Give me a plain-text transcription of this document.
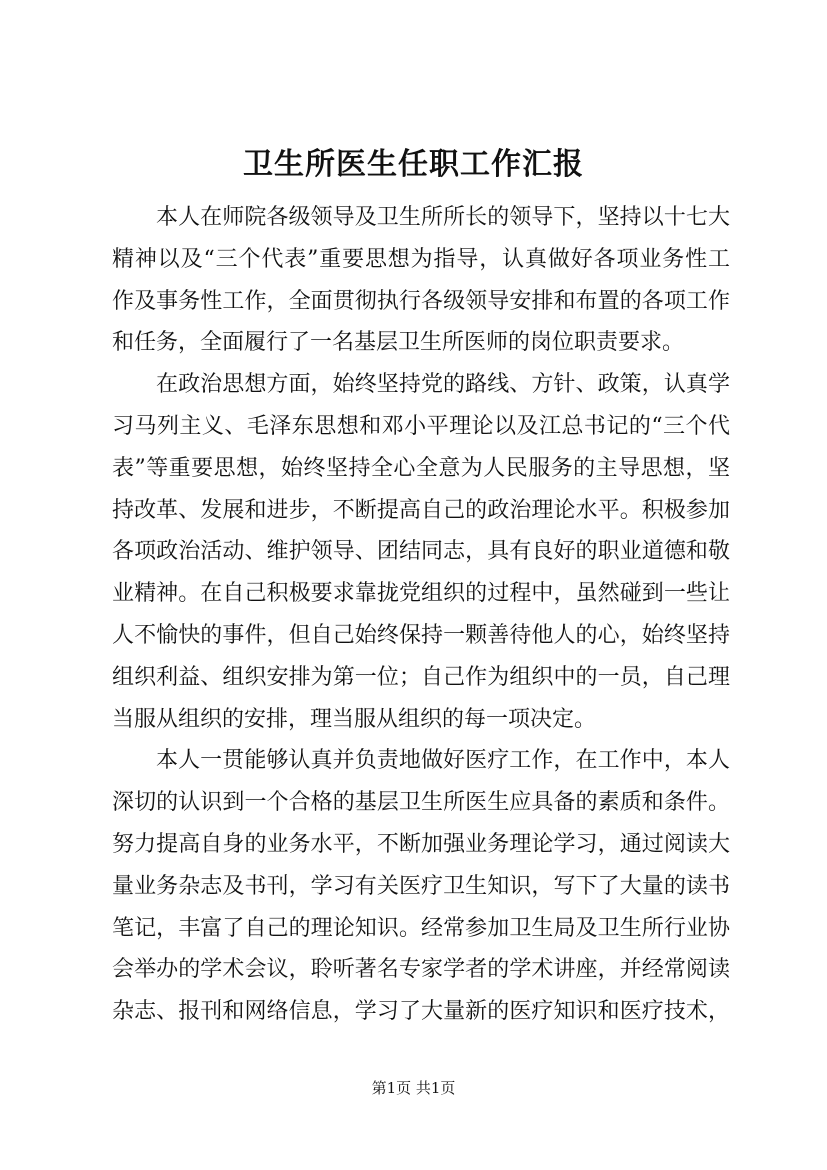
卫生所医生任职工作汇报
本人在师院各级领导及卫生所所长的领导下，坚持以十七大
精神以及“三个代表”重要思想为指导，认真做好各项业务性工
作及事务性工作，全面贯彻执行各级领导安排和布置的各项工作
和任务，全面履行了一名基层卫生所医师的岗位职责要求。
在政治思想方面，始终坚持党的路线、方针、政策，认真学
习马列主义、毛泽东思想和邓小平理论以及江总书记的“三个代
表”等重要思想，始终坚持全心全意为人民服务的主导思想，坚
持改革、发展和进步，不断提高自己的政治理论水平。积极参加
各项政治活动、维护领导、团结同志，具有良好的职业道德和敬
业精神。在自己积极要求靠拢党组织的过程中，虽然碰到一些让
人不愉快的事件，但自己始终保持一颗善待他人的心，始终坚持
组织利益、组织安排为第一位；自己作为组织中的一员，自己理
当服从组织的安排，理当服从组织的每一项决定。
本人一贯能够认真并负责地做好医疗工作，在工作中，本人
深切的认识到一个合格的基层卫生所医生应具备的素质和条件。
努力提高自身的业务水平，不断加强业务理论学习，通过阅读大
量业务杂志及书刊，学习有关医疗卫生知识，写下了大量的读书
笔记，丰富了自己的理论知识。经常参加卫生局及卫生所行业协
会举办的学术会议，聆听著名专家学者的学术讲座，并经常阅读
杂志、报刊和网络信息，学习了大量新的医疗知识和医疗技术，
第1页 共1页
